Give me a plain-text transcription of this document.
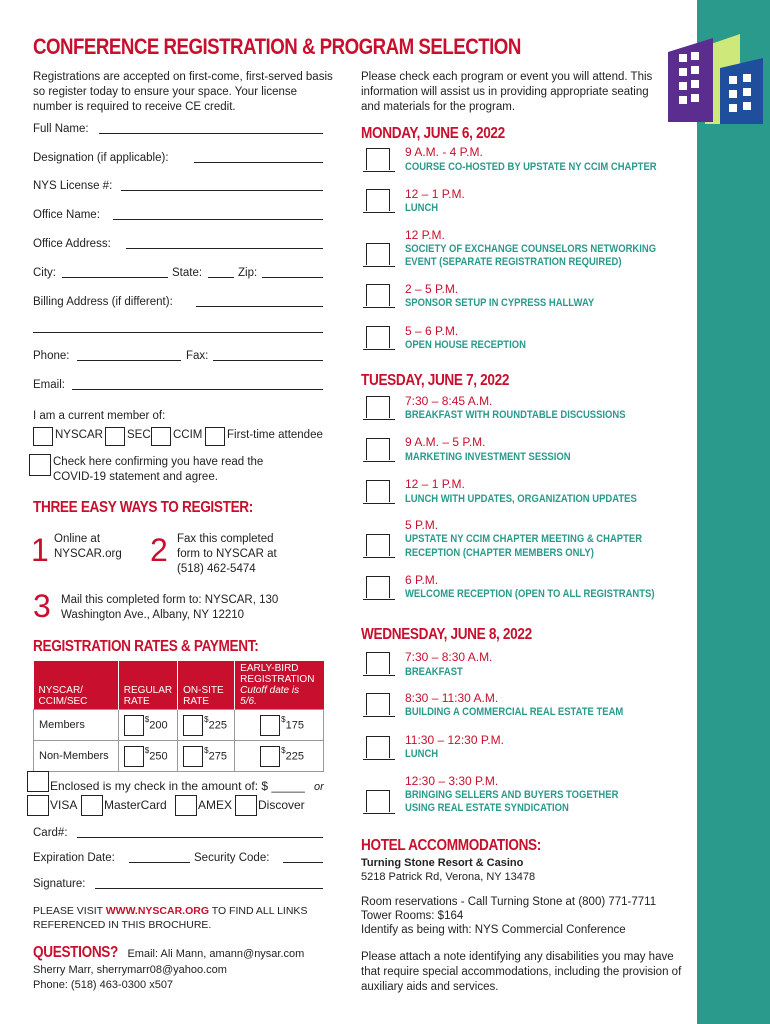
CONFERENCE REGISTRATION & PROGRAM SELECTION
Registrations are accepted on first-come, first-served basis so register today to ensure your space. Your license number is required to receive CE credit.
Please check each program or event you will attend. This information will assist us in providing appropriate seating and materials for the program.
Full Name:
Designation (if applicable):
NYS License #:
Office Name:
Office Address:
City:	State:	Zip:
Billing Address (if different):
Phone:	Fax:
Email:
I am a current member of:
NYSCAR SEC CCIM First-time attendee
Check here confirming you have read the COVID-19 statement and agree.
THREE EASY WAYS TO REGISTER:
1 Online at NYSCAR.org 2 Fax this completed form to NYSCAR at (518) 462-5474
3 Mail this completed form to: NYSCAR, 130 Washington Ave., Albany, NY 12210
REGISTRATION RATES & PAYMENT:
NYSCAR/ CCIM/SEC	REGULAR RATE	ON-SITE RATE	EARLY-BIRD REGISTRATION
Cutoff date is 5/6.
Members	$200	$225	$175
Non-Members	$250	$275	$225
Enclosed is my check in the amount of: $ _____ or
VISA MasterCard	AMEX Discover
Card#:
Expiration Date:	Security Code:
Signature:
PLEASE VISIT WWW.NYSCAR.ORG TO FIND ALL LINKS REFERENCED IN THIS BROCHURE.
QUESTIONS? Email: Ali Mann, amann@nysar.com
Sherry Marr, sherrymarr08@yahoo.com
Phone: (518) 463-0300 x507
MONDAY, JUNE 6, 2022
9 A.M. - 4 P.M.
COURSE CO-HOSTED BY UPSTATE NY CCIM CHAPTER
12 – 1 P.M.
LUNCH
12 P.M.
SOCIETY OF EXCHANGE COUNSELORS NETWORKING
EVENT (SEPARATE REGISTRATION REQUIRED)
2 – 5 P.M.
SPONSOR SETUP IN CYPRESS HALLWAY
5 – 6 P.M.
OPEN HOUSE RECEPTION
TUESDAY, JUNE 7, 2022
7:30 – 8:45 A.M.
BREAKFAST WITH ROUNDTABLE DISCUSSIONS
9 A.M. – 5 P.M.
MARKETING INVESTMENT SESSION
12 – 1 P.M.
LUNCH WITH UPDATES, ORGANIZATION UPDATES
5 P.M.
UPSTATE NY CCIM CHAPTER MEETING & CHAPTER
RECEPTION (CHAPTER MEMBERS ONLY)
6 P.M.
WELCOME RECEPTION (OPEN TO ALL REGISTRANTS)
WEDNESDAY, JUNE 8, 2022
7:30 – 8:30 A.M.
BREAKFAST
8:30 – 11:30 A.M.
BUILDING A COMMERCIAL REAL ESTATE TEAM
11:30 – 12:30 P.M.
LUNCH
12:30 – 3:30 P.M.
BRINGING SELLERS AND BUYERS TOGETHER
USING REAL ESTATE SYNDICATION
HOTEL ACCOMMODATIONS:
Turning Stone Resort & Casino
5218 Patrick Rd, Verona, NY 13478
Room reservations - Call Turning Stone at (800) 771-7711
Tower Rooms: $164
Identify as being with: NYS Commercial Conference
Please attach a note identifying any disabilities you may have that require special accommodations, including the provision of auxiliary aids and services.
